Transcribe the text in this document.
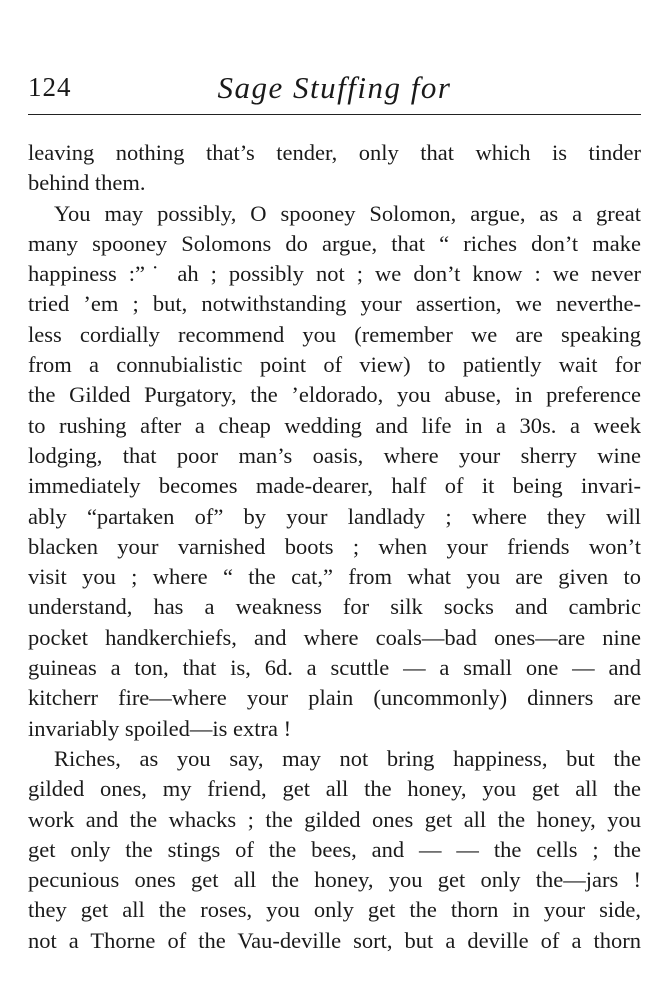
124	Sage Stuffing for
leaving nothing that’s tender, only that which is tinder
behind them.
You may possibly, O spooney Solomon, argue, as a great
many spooney Solomons do argue, that “ riches don’t make
happiness :”˙ ah ; possibly not ; we don’t know : we never
tried ’em ; but, notwithstanding your assertion, we neverthe-
less cordially recommend you (remember we are speaking
from a connubialistic point of view) to patiently wait for
the Gilded Purgatory, the ’eldorado, you abuse, in preference
to rushing after a cheap wedding and life in a 30s. a week
lodging, that poor man’s oasis, where your sherry wine
immediately becomes made-dearer, half of it being invari-
ably “partaken of” by your landlady ; where they will
blacken your varnished boots ; when your friends won’t
visit you ; where “ the cat,” from what you are given to
understand, has a weakness for silk socks and cambric
pocket handkerchiefs, and where coals—bad ones—are nine
guineas a ton, that is, 6d. a scuttle — a small one — and
kitcherr fire—where your plain (uncommonly) dinners are
invariably spoiled—is extra !
Riches, as you say, may not bring happiness, but the
gilded ones, my friend, get all the honey, you get all the
work and the whacks ; the gilded ones get all the honey, you
get only the stings of the bees, and — — the cells ; the
pecunious ones get all the honey, you get only the—jars !
they get all the roses, you only get the thorn in your side,
not a Thorne of the Vau-deville sort, but a deville of a thorn
